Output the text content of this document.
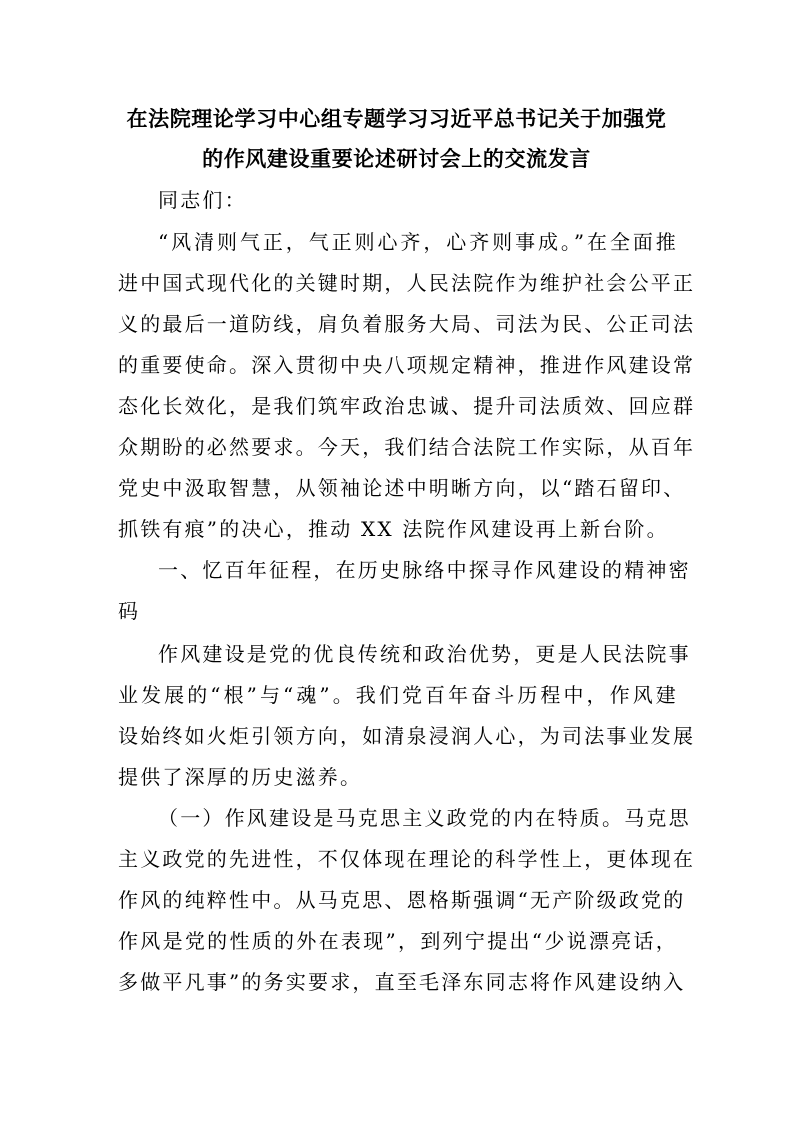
在法院理论学习中心组专题学习习近平总书记关于加强党
的作风建设重要论述研讨会上的交流发言
同志们：
“风清则气正，气正则心齐，心齐则事成。”在全面推
进中国式现代化的关键时期，人民法院作为维护社会公平正
义的最后一道防线，肩负着服务大局、司法为民、公正司法
的重要使命。深入贯彻中央八项规定精神，推进作风建设常
态化长效化，是我们筑牢政治忠诚、提升司法质效、回应群
众期盼的必然要求。今天，我们结合法院工作实际，从百年
党史中汲取智慧，从领袖论述中明晰方向，以“踏石留印、
抓铁有痕”的决心，推动 XX 法院作风建设再上新台阶。
一、忆百年征程，在历史脉络中探寻作风建设的精神密
码
作风建设是党的优良传统和政治优势，更是人民法院事
业发展的“根”与“魂”。我们党百年奋斗历程中，作风建
设始终如火炬引领方向，如清泉浸润人心，为司法事业发展
提供了深厚的历史滋养。
（一）作风建设是马克思主义政党的内在特质。马克思
主义政党的先进性，不仅体现在理论的科学性上，更体现在
作风的纯粹性中。从马克思、恩格斯强调“无产阶级政党的
作风是党的性质的外在表现”，到列宁提出“少说漂亮话，
多做平凡事”的务实要求，直至毛泽东同志将作风建设纳入
